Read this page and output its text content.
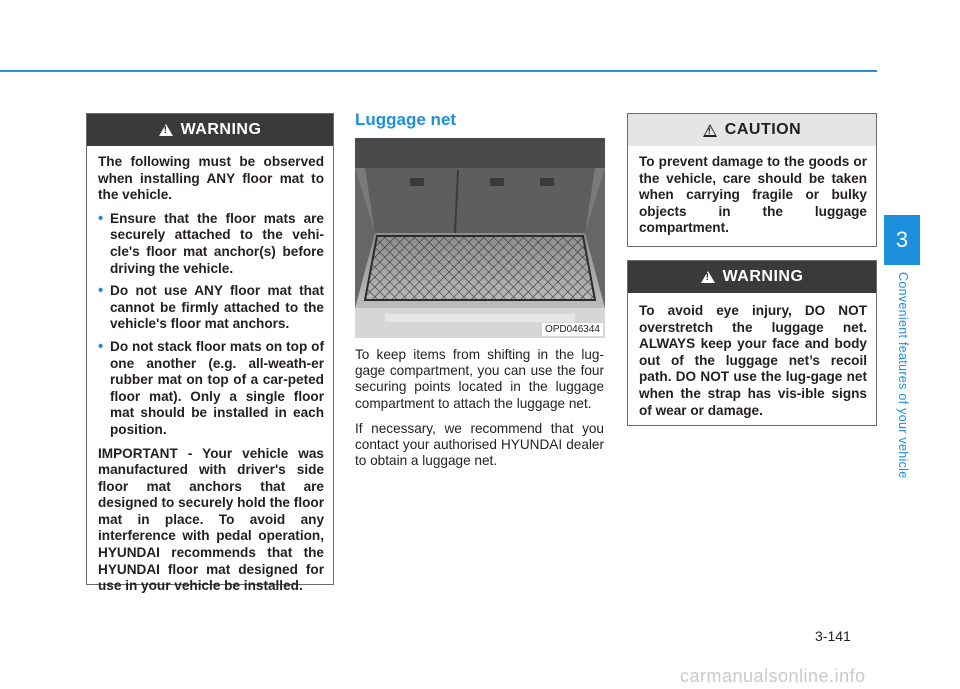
!
WARNING

The following must be observed when installing ANY floor mat to the vehicle.

• Ensure that the floor mats are securely attached to the vehi-cle's floor mat anchor(s) before driving the vehicle.
• Do not use ANY floor mat that cannot be firmly attached to the vehicle's floor mat anchors.
• Do not stack floor mats on top of one another (e.g. all-weath-er rubber mat on top of a car-peted floor mat). Only a single floor mat should be installed in each position.

IMPORTANT - Your vehicle was manufactured with driver's side floor mat anchors that are designed to securely hold the floor mat in place. To avoid any interference with pedal operation, HYUNDAI recommends that the HYUNDAI floor mat designed for use in your vehicle be installed.

Luggage net
OPD046344

To keep items from shifting in the lug-gage compartment, you can use the four securing points located in the luggage compartment to attach the luggage net.

If necessary, we recommend that you contact your authorised HYUNDAI dealer to obtain a luggage net.

!
CAUTION

To prevent damage to the goods or the vehicle, care should be taken when carrying fragile or bulky objects in the luggage compartment.

!
WARNING

To avoid eye injury, DO NOT overstretch the luggage net. ALWAYS keep your face and body out of the luggage net’s recoil path. DO NOT use the lug-gage net when the strap has vis-ible signs of wear or damage.

3
Convenient features of your vehicle
3-141
carmanualsonline.info
